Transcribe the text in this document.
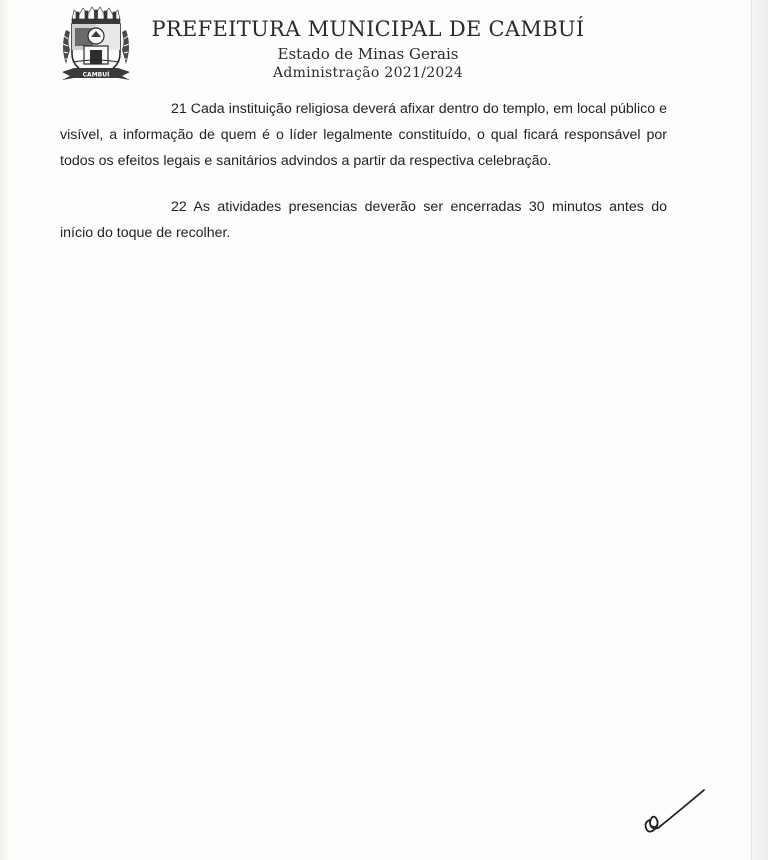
CAMBUÍ
PREFEITURA MUNICIPAL DE CAMBUÍ
Estado de Minas Gerais
Administração 2021/2024

21 Cada instituição religiosa deverá afixar dentro do templo, em local público e visível, a informação de quem é o líder legalmente constituído, o qual ficará responsável por todos os efeitos legais e sanitários advindos a partir da respectiva celebração.

22 As atividades presencias deverão ser encerradas 30 minutos antes do início do toque de recolher.
